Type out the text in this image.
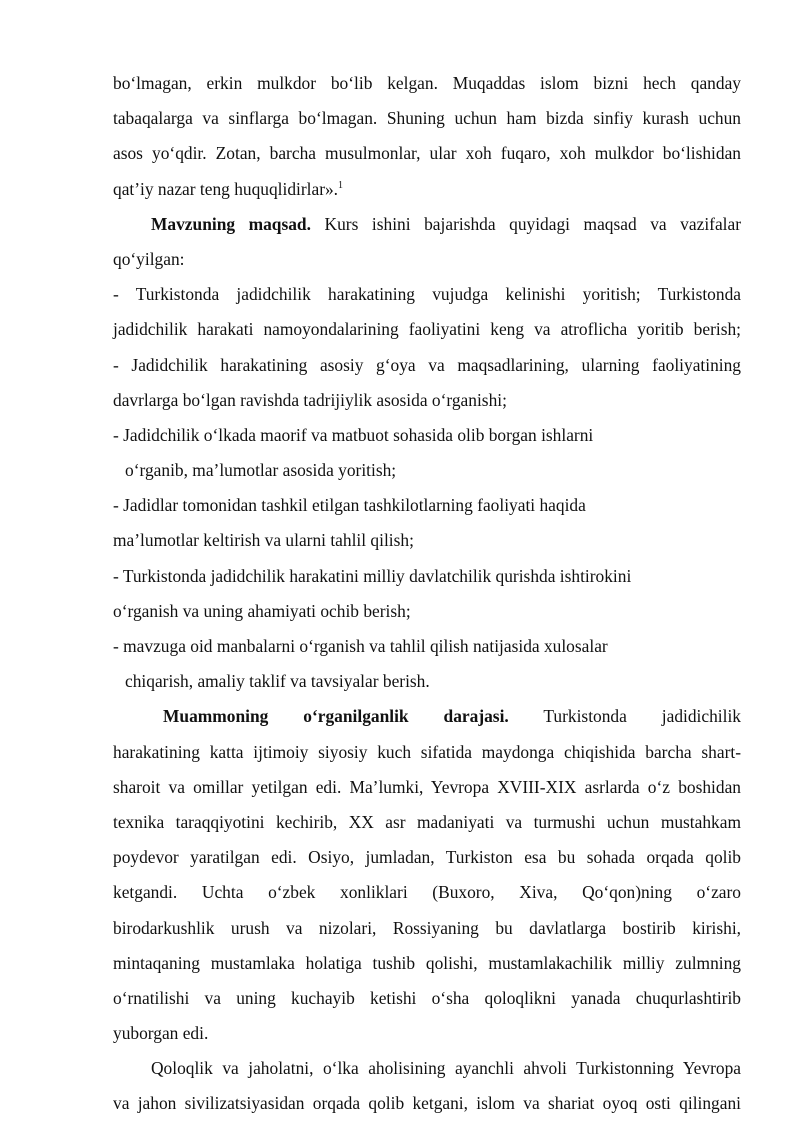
bo‘lmagan, erkin mulkdor bo‘lib kelgan. Muqaddas islom bizni hech qanday
tabaqalarga va sinflarga bo‘lmagan. Shuning uchun ham bizda sinfiy kurash uchun
asos yo‘qdir. Zotan, barcha musulmonlar, ular xoh fuqaro, xoh mulkdor bo‘lishidan
qat’iy nazar teng huquqlidirlar».$^1$
Mavzuning maqsad. Kurs ishini bajarishda quyidagi maqsad va vazifalar
qo‘yilgan:
- Turkistonda jadidchilik harakatining vujudga kelinishi yoritish; Turkistonda
jadidchilik harakati namoyondalarining faoliyatini keng va atroflicha yoritib berish;
- Jadidchilik harakatining asosiy g‘oya va maqsadlarining, ularning faoliyatining
davrlarga bo‘lgan ravishda tadrijiylik asosida o‘rganishi;
- Jadidchilik o‘lkada maorif va matbuot sohasida olib borgan ishlarni
o‘rganib, ma’lumotlar asosida yoritish;
- Jadidlar tomonidan tashkil etilgan tashkilotlarning faoliyati haqida
ma’lumotlar keltirish va ularni tahlil qilish;
- Turkistonda jadidchilik harakatini milliy davlatchilik qurishda ishtirokini
o‘rganish va uning ahamiyati ochib berish;
- mavzuga oid manbalarni o‘rganish va tahlil qilish natijasida xulosalar
chiqarish, amaliy taklif va tavsiyalar berish.
Muammoning o‘rganilganlik darajasi. Turkistonda jadidichilik
harakatining katta ijtimoiy siyosiy kuch sifatida maydonga chiqishida barcha shart-
sharoit va omillar yetilgan edi. Ma’lumki, Yevropa XVIII-XIX asrlarda o‘z boshidan
texnika taraqqiyotini kechirib, XX asr madaniyati va turmushi uchun mustahkam
poydevor yaratilgan edi. Osiyo, jumladan, Turkiston esa bu sohada orqada qolib
ketgandi. Uchta o‘zbek xonliklari (Buxoro, Xiva, Qo‘qon)ning o‘zaro
birodarkushlik urush va nizolari, Rossiyaning bu davlatlarga bostirib kirishi,
mintaqaning mustamlaka holatiga tushib qolishi, mustamlakachilik milliy zulmning
o‘rnatilishi va uning kuchayib ketishi o‘sha qoloqlikni yanada chuqurlashtirib
yuborgan edi.
Qoloqlik va jaholatni, o‘lka aholisining ayanchli ahvoli Turkistonning Yevropa
va jahon sivilizatsiyasidan orqada qolib ketgani, islom va shariat oyoq osti qilingani
